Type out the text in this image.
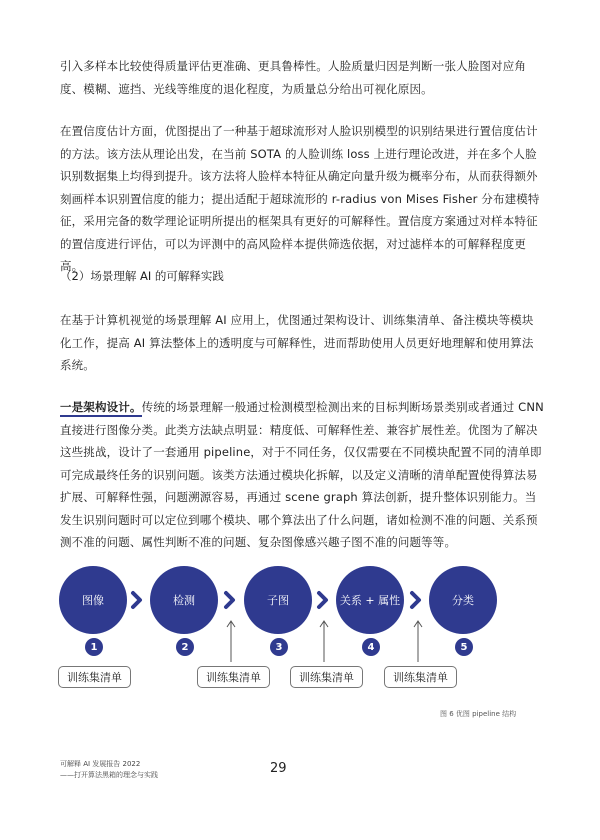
引入多样本比较使得质量评估更准确、更具鲁棒性。人脸质量归因是判断一张人脸图对应角度、模糊、遮挡、光线等维度的退化程度，为质量总分给出可视化原因。

在置信度估计方面，优图提出了一种基于超球流形对人脸识别模型的识别结果进行置信度估计的方法。该方法从理论出发，在当前 SOTA 的人脸训练 loss 上进行理论改进，并在多个人脸识别数据集上均得到提升。该方法将人脸样本特征从确定向量升级为概率分布，从而获得额外刻画样本识别置信度的能力；提出适配于超球流形的 r-radius von Mises Fisher 分布建模特征，采用完备的数学理论证明所提出的框架具有更好的可解释性。置信度方案通过对样本特征的置信度进行评估，可以为评测中的高风险样本提供筛选依据，对过滤样本的可解释程度更高。

（2）场景理解 AI 的可解释实践

在基于计算机视觉的场景理解 AI 应用上，优图通过架构设计、训练集清单、备注模块等模块化工作，提高 AI 算法整体上的透明度与可解释性，进而帮助使用人员更好地理解和使用算法系统。

一是架构设计。传统的场景理解一般通过检测模型检测出来的目标判断场景类别或者通过 CNN 直接进行图像分类。此类方法缺点明显：精度低、可解释性差、兼容扩展性差。优图为了解决这些挑战，设计了一套通用 pipeline，对于不同任务，仅仅需要在不同模块配置不同的清单即可完成最终任务的识别问题。该类方法通过模块化拆解，以及定义清晰的清单配置使得算法易扩展、可解释性强，问题溯源容易，再通过 scene graph 算法创新，提升整体识别能力。当发生识别问题时可以定位到哪个模块、哪个算法出了什么问题，诸如检测不准的问题、关系预测不准的问题、属性判断不准的问题、复杂图像感兴趣子图不准的问题等等。

图像	检测	子图	关系 + 属性	分类
1	2	3	4	5
训练集清单	训练集清单	训练集清单	训练集清单
图 6 优图 pipeline 结构
29
可解释 AI 发展报告 2022
——打开算法黑箱的理念与实践
